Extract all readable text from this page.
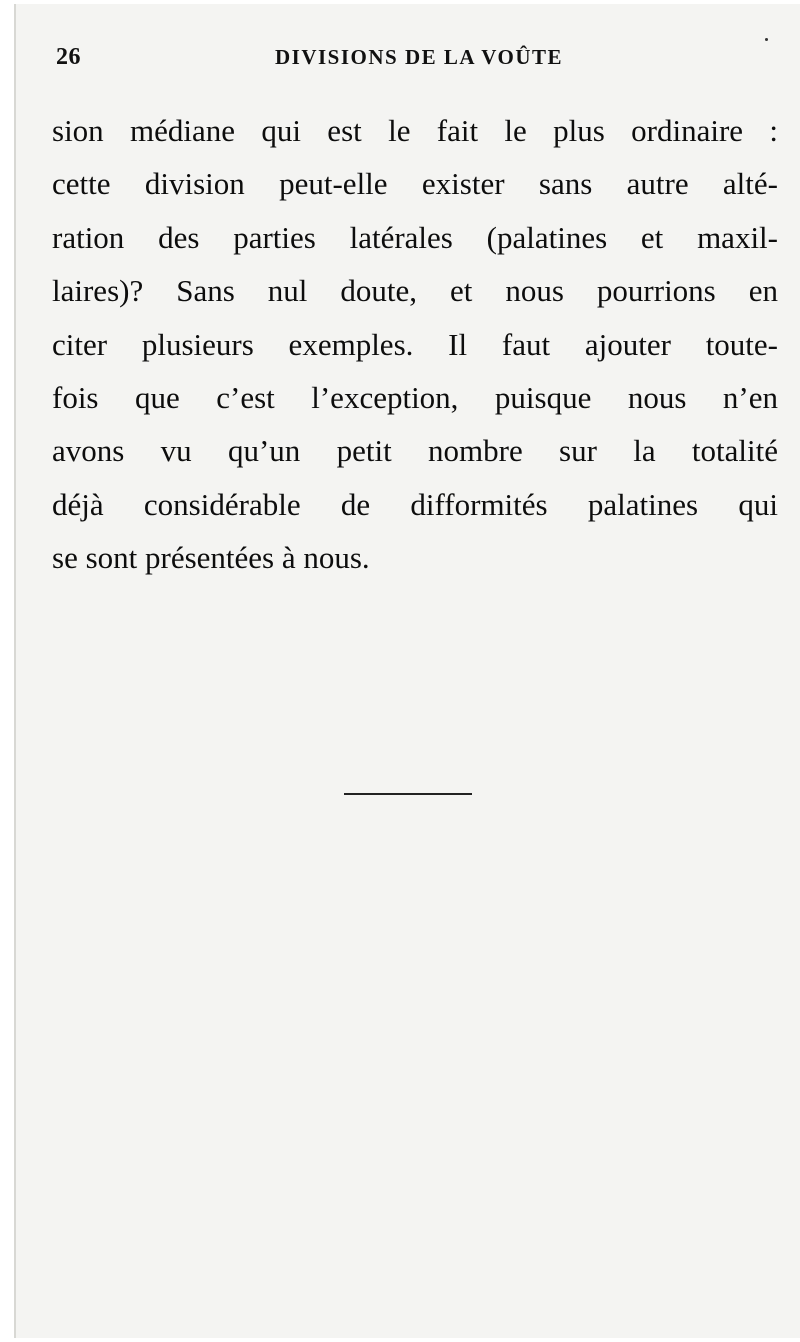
26	DIVISIONS DE LA VOÛTE
sion médiane qui est le fait le plus ordinaire :
cette division peut-elle exister sans autre alté-
ration des parties latérales (palatines et maxil-
laires)? Sans nul doute, et nous pourrions en
citer plusieurs exemples. Il faut ajouter toute-
fois que c’est l’exception, puisque nous n’en
avons vu qu’un petit nombre sur la totalité
déjà considérable de difformités palatines qui
se sont présentées à nous.
